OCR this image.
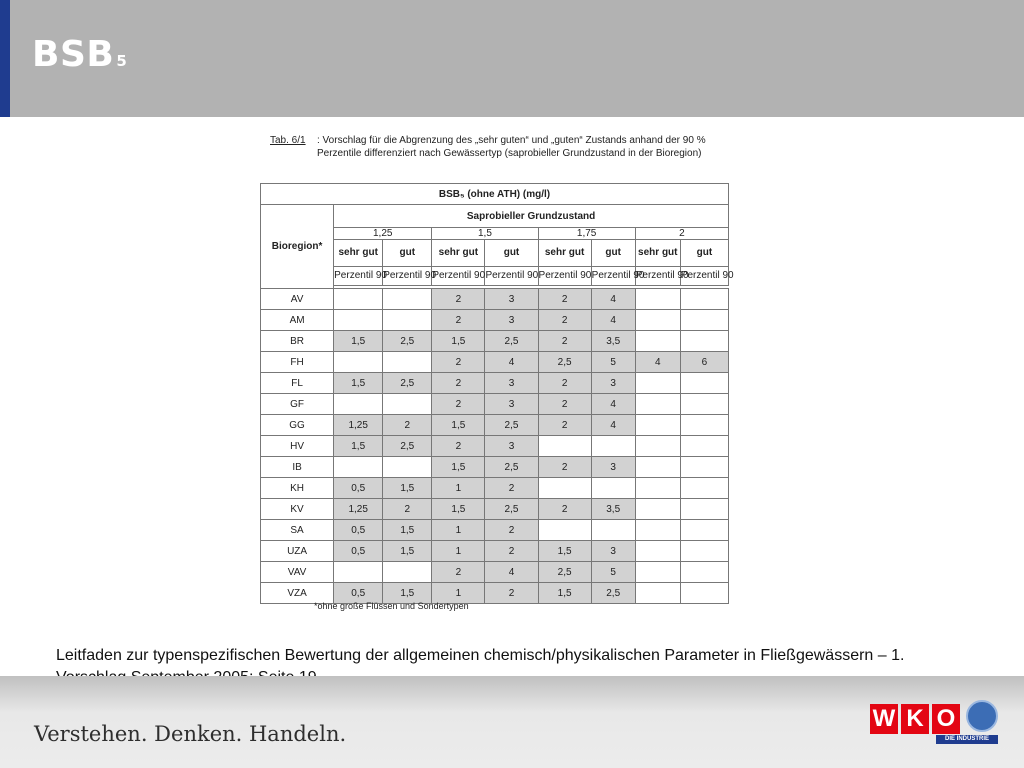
BSB 5
Tab. 6/1 : Vorschlag für die Abgrenzung des „sehr guten“ und „guten“ Zustands anhand der 90 % Perzentile differenziert nach Gewässertyp (saprobieller Grundzustand in der Bioregion)
BSB₅ (ohne ATH) (mg/l)								
Bioregion*	Saprobieller Grundzustand							
	1,25		1,5		1,75		2	
	sehr gut	gut	sehr gut	gut	sehr gut	gut	sehr gut	gut
	Perzentil 90	Perzentil 90	Perzentil 90	Perzentil 90	Perzentil 90	Perzentil 90	Perzentil 90	Perzentil 90

AV			2	3	2	4		
AM			2	3	2	4		
BR	1,5	2,5	1,5	2,5	2	3,5		
FH			2	4	2,5	5	4	6
FL	1,5	2,5	2	3	2	3		
GF			2	3	2	4		
GG	1,25	2	1,5	2,5	2	4		
HV	1,5	2,5	2	3				
IB			1,5	2,5	2	3		
KH	0,5	1,5	1	2				
KV	1,25	2	1,5	2,5	2	3,5		
SA	0,5	1,5	1	2				
UZA	0,5	1,5	1	2	1,5	3		
VAV			2	4	2,5	5		
VZA	0,5	1,5	1	2	1,5	2,5		
*ohne große Flüssen und Sondertypen
Leitfaden zur typenspezifischen Bewertung der allgemeinen chemisch/physikalischen Parameter in Fließgewässern – 1.
Verstehen. Denken. Handeln.
W K O
DIE INDUSTRIE
